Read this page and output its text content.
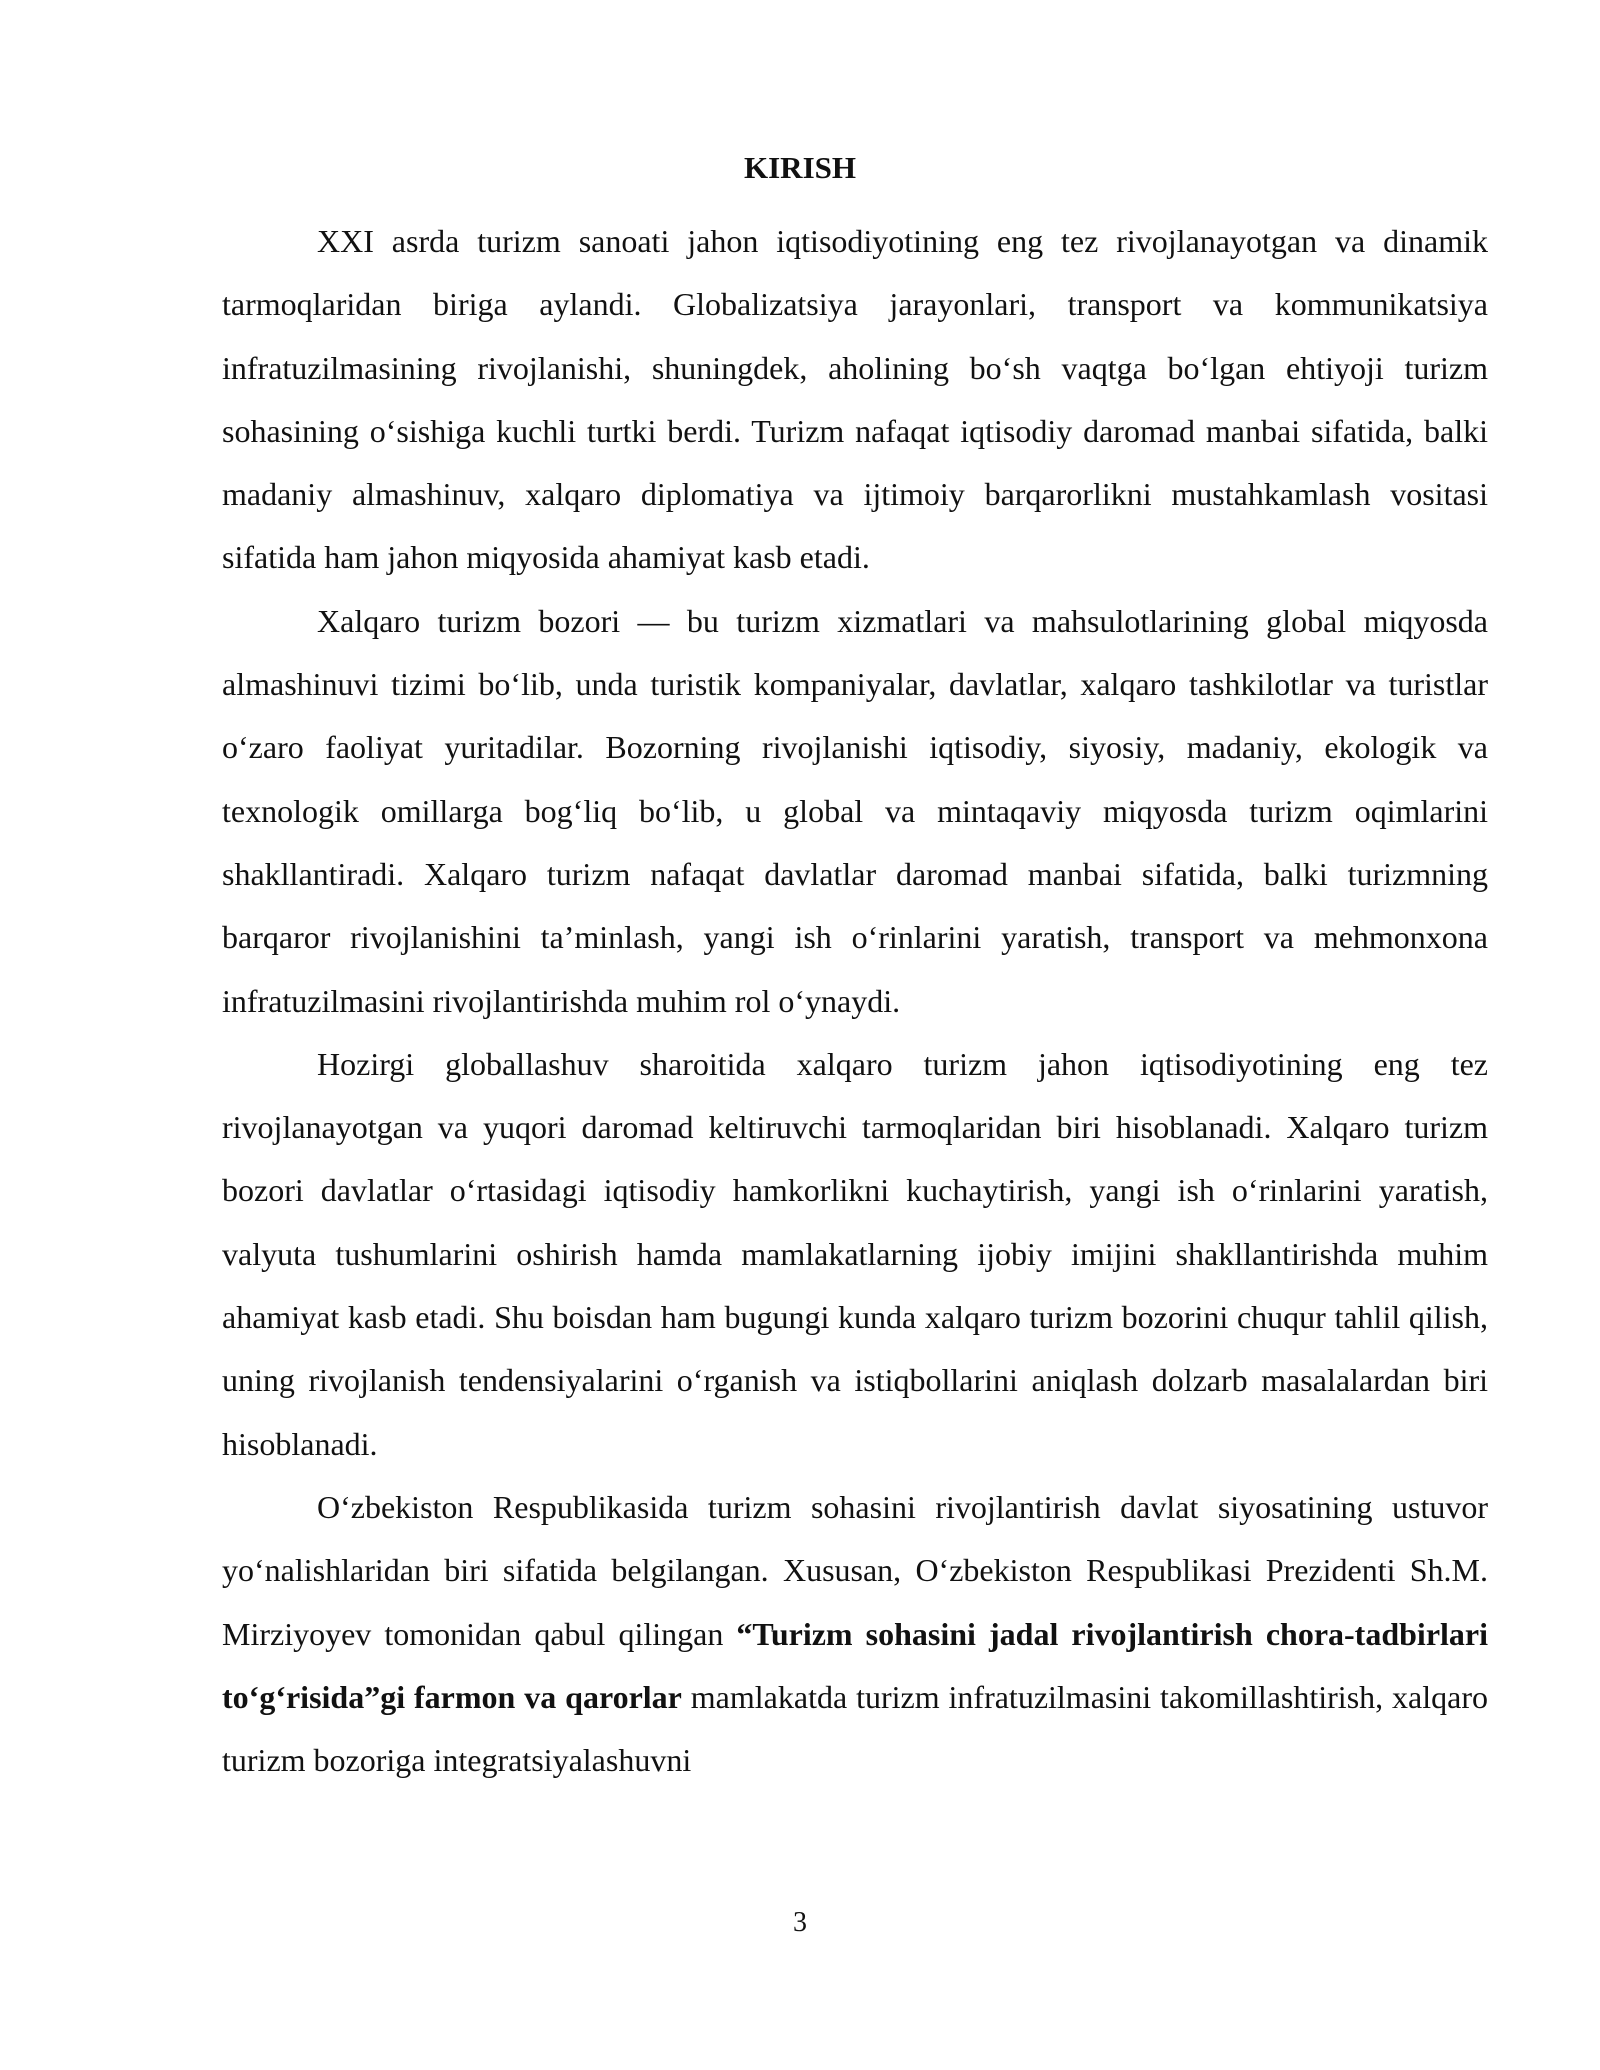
KIRISH

XXI asrda turizm sanoati jahon iqtisodiyotining eng tez rivojlanayotgan va dinamik tarmoqlaridan biriga aylandi. Globalizatsiya jarayonlari, transport va kommunikatsiya infratuzilmasining rivojlanishi, shuningdek, aholining bo‘sh vaqtga bo‘lgan ehtiyoji turizm sohasining o‘sishiga kuchli turtki berdi. Turizm nafaqat iqtisodiy daromad manbai sifatida, balki madaniy almashinuv, xalqaro diplomatiya va ijtimoiy barqarorlikni mustahkamlash vositasi sifatida ham jahon miqyosida ahamiyat kasb etadi.

Xalqaro turizm bozori — bu turizm xizmatlari va mahsulotlarining global miqyosda almashinuvi tizimi bo‘lib, unda turistik kompaniyalar, davlatlar, xalqaro tashkilotlar va turistlar o‘zaro faoliyat yuritadilar. Bozorning rivojlanishi iqtisodiy, siyosiy, madaniy, ekologik va texnologik omillarga bog‘liq bo‘lib, u global va mintaqaviy miqyosda turizm oqimlarini shakllantiradi. Xalqaro turizm nafaqat davlatlar daromad manbai sifatida, balki turizmning barqaror rivojlanishini ta’minlash, yangi ish o‘rinlarini yaratish, transport va mehmonxona infratuzilmasini rivojlantirishda muhim rol o‘ynaydi.

Hozirgi globallashuv sharoitida xalqaro turizm jahon iqtisodiyotining eng tez rivojlanayotgan va yuqori daromad keltiruvchi tarmoqlaridan biri hisoblanadi. Xalqaro turizm bozori davlatlar o‘rtasidagi iqtisodiy hamkorlikni kuchaytirish, yangi ish o‘rinlarini yaratish, valyuta tushumlarini oshirish hamda mamlakatlarning ijobiy imijini shakllantirishda muhim ahamiyat kasb etadi. Shu boisdan ham bugungi kunda xalqaro turizm bozorini chuqur tahlil qilish, uning rivojlanish tendensiyalarini o‘rganish va istiqbollarini aniqlash dolzarb masalalardan biri hisoblanadi.

O‘zbekiston Respublikasida turizm sohasini rivojlantirish davlat siyosatining ustuvor yo‘nalishlaridan biri sifatida belgilangan. Xususan, O‘zbekiston Respublikasi Prezidenti Sh.M. Mirziyoyev tomonidan qabul qilingan “Turizm sohasini jadal rivojlantirish chora-tadbirlari to‘g‘risida”gi farmon va qarorlar mamlakatda turizm infratuzilmasini takomillashtirish, xalqaro turizm bozoriga integratsiyalashuvni

3
